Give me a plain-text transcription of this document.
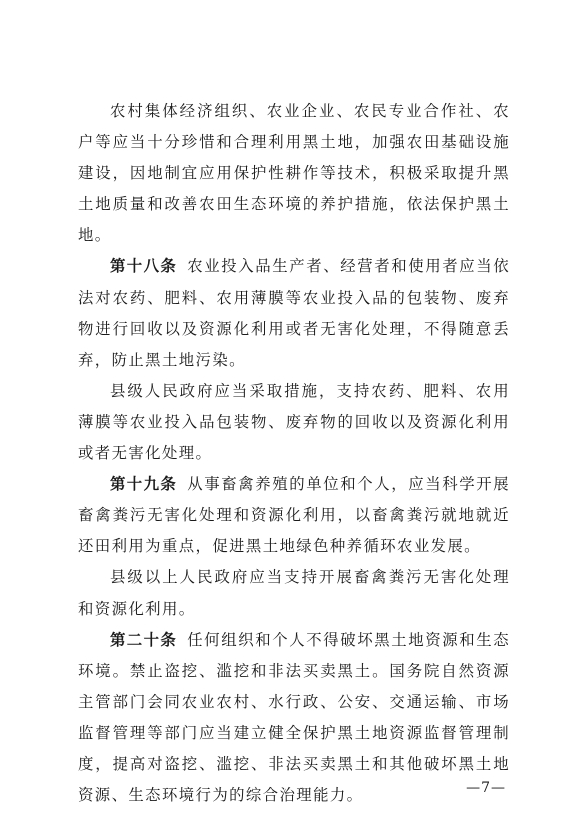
农村集体经济组织、农业企业、农民专业合作社、农户等应当十分珍惜和合理利用黑土地，加强农田基础设施建设，因地制宜应用保护性耕作等技术，积极采取提升黑土地质量和改善农田生态环境的养护措施，依法保护黑土地。

第十八条 农业投入品生产者、经营者和使用者应当依法对农药、肥料、农用薄膜等农业投入品的包装物、废弃物进行回收以及资源化利用或者无害化处理，不得随意丢弃，防止黑土地污染。

县级人民政府应当采取措施，支持农药、肥料、农用薄膜等农业投入品包装物、废弃物的回收以及资源化利用或者无害化处理。

第十九条 从事畜禽养殖的单位和个人，应当科学开展畜禽粪污无害化处理和资源化利用，以畜禽粪污就地就近还田利用为重点，促进黑土地绿色种养循环农业发展。

县级以上人民政府应当支持开展畜禽粪污无害化处理和资源化利用。

第二十条 任何组织和个人不得破坏黑土地资源和生态环境。禁止盗挖、滥挖和非法买卖黑土。国务院自然资源主管部门会同农业农村、水行政、公安、交通运输、市场监督管理等部门应当建立健全保护黑土地资源监督管理制度，提高对盗挖、滥挖、非法买卖黑土和其他破坏黑土地资源、生态环境行为的综合治理能力。	—7—
